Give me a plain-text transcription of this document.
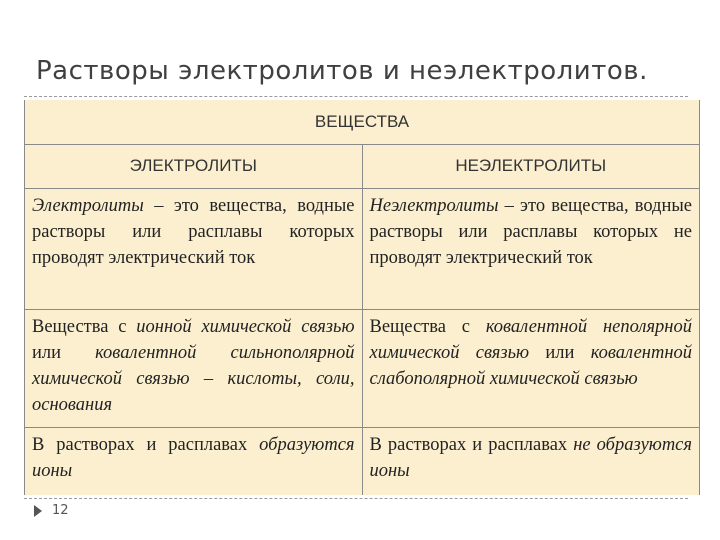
Растворы электролитов и неэлектролитов.
ВЕЩЕСТВА	
ЭЛЕКТРОЛИТЫ	НЕЭЛЕКТРОЛИТЫ
Электролиты – это вещества, водные растворы или расплавы которых проводят электрический ток	Неэлектролиты – это вещества, водные растворы или расплавы которых не проводят электрический ток
Вещества с ионной химической связью или ковалентной сильнополярной химической связью – кислоты, соли, основания	Вещества с ковалентной неполярной химической связью или ковалентной слабополярной химической связью
В растворах и расплавах образуются ионы	В растворах и расплавах не образуются ионы
12
